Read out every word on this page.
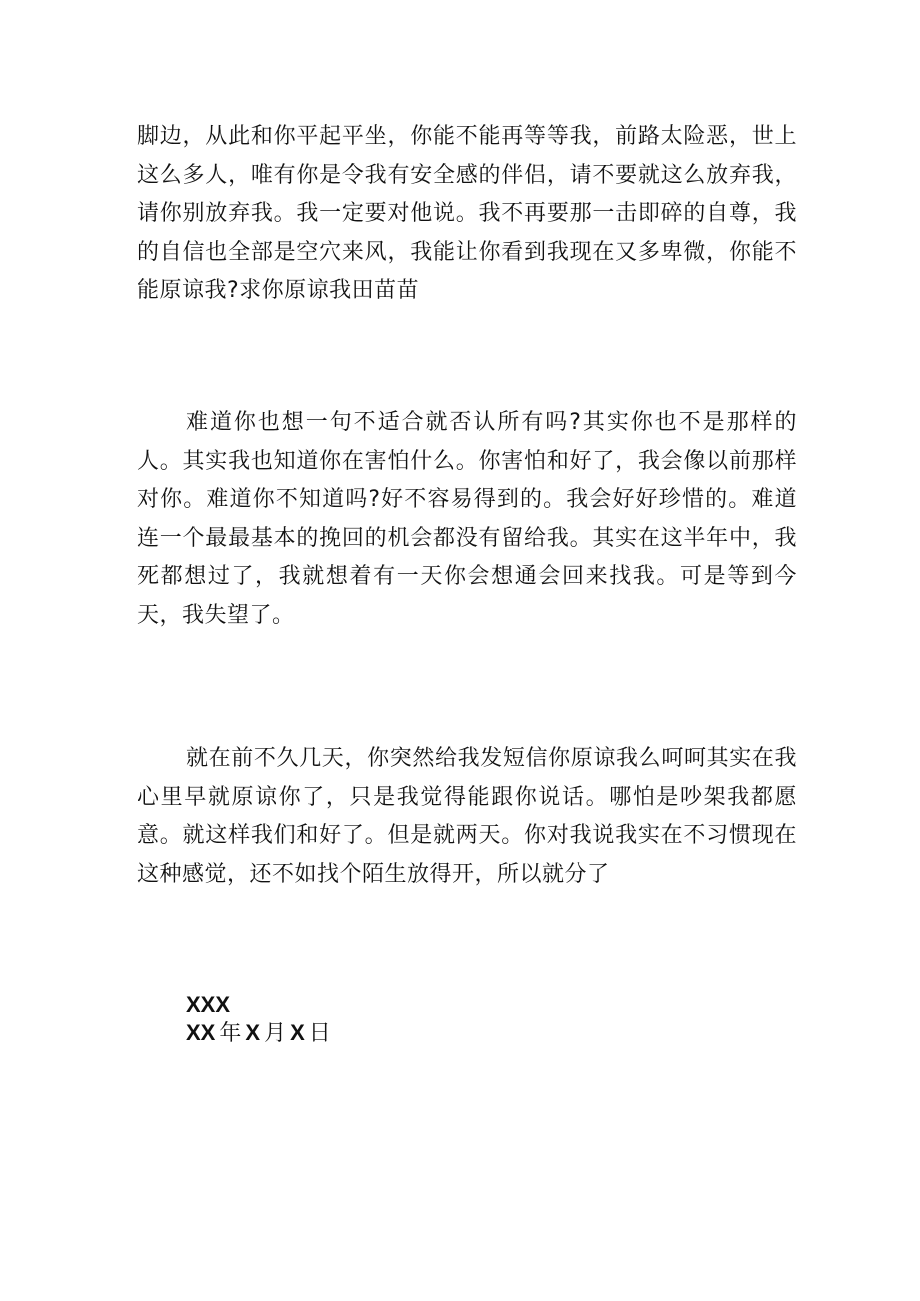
脚边，从此和你平起平坐，你能不能再等等我，前路太险恶，世上这么多人，唯有你是令我有安全感的伴侣，请不要就这么放弃我，请你别放弃我。我一定要对他说。我不再要那一击即碎的自尊，我的自信也全部是空穴来风，我能让你看到我现在又多卑微，你能不能原谅我?求你原谅我田苗苗

难道你也想一句不适合就否认所有吗?其实你也不是那样的人。其实我也知道你在害怕什么。你害怕和好了，我会像以前那样对你。难道你不知道吗?好不容易得到的。我会好好珍惜的。难道连一个最最基本的挽回的机会都没有留给我。其实在这半年中，我死都想过了，我就想着有一天你会想通会回来找我。可是等到今天，我失望了。

就在前不久几天，你突然给我发短信你原谅我么呵呵其实在我心里早就原谅你了，只是我觉得能跟你说话。哪怕是吵架我都愿意。就这样我们和好了。但是就两天。你对我说我实在不习惯现在这种感觉，还不如找个陌生放得开，所以就分了

XXX
XX 年 X 月 X 日
